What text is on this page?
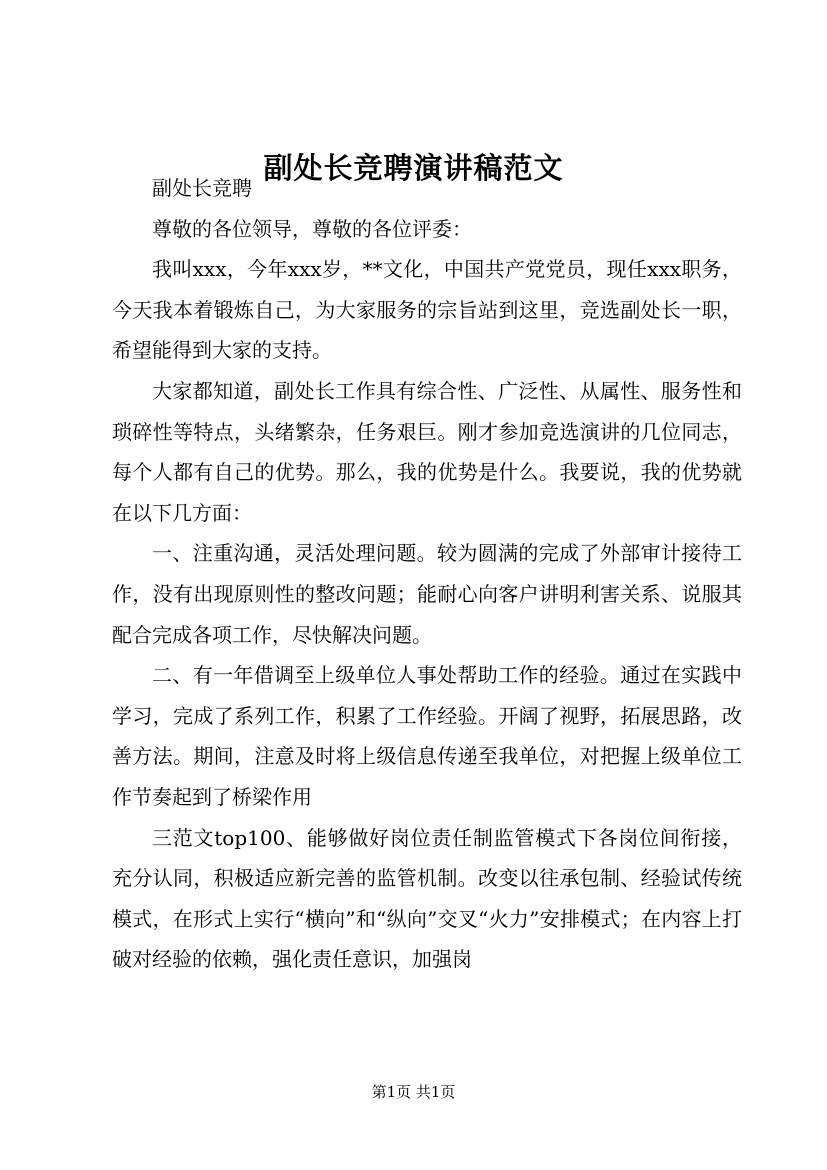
副处长竞聘演讲稿范文

副处长竞聘

尊敬的各位领导，尊敬的各位评委：

我叫xxx，今年xxx岁，**文化，中国共产党党员，现任xxx职务，今天我本着锻炼自己，为大家服务的宗旨站到这里，竞选副处长一职，希望能得到大家的支持。

大家都知道，副处长工作具有综合性、广泛性、从属性、服务性和琐碎性等特点，头绪繁杂，任务艰巨。刚才参加竞选演讲的几位同志，每个人都有自己的优势。那么，我的优势是什么。我要说，我的优势就在以下几方面：

一、注重沟通，灵活处理问题。较为圆满的完成了外部审计接待工作，没有出现原则性的整改问题；能耐心向客户讲明利害关系、说服其配合完成各项工作，尽快解决问题。

二、有一年借调至上级单位人事处帮助工作的经验。通过在实践中学习，完成了系列工作，积累了工作经验。开阔了视野，拓展思路，改善方法。期间，注意及时将上级信息传递至我单位，对把握上级单位工作节奏起到了桥梁作用

三范文top100、能够做好岗位责任制监管模式下各岗位间衔接，充分认同，积极适应新完善的监管机制。改变以往承包制、经验试传统模式，在形式上实行“横向”和“纵向”交叉“火力”安排模式；在内容上打破对经验的依赖，强化责任意识，加强岗

第1页 共1页
